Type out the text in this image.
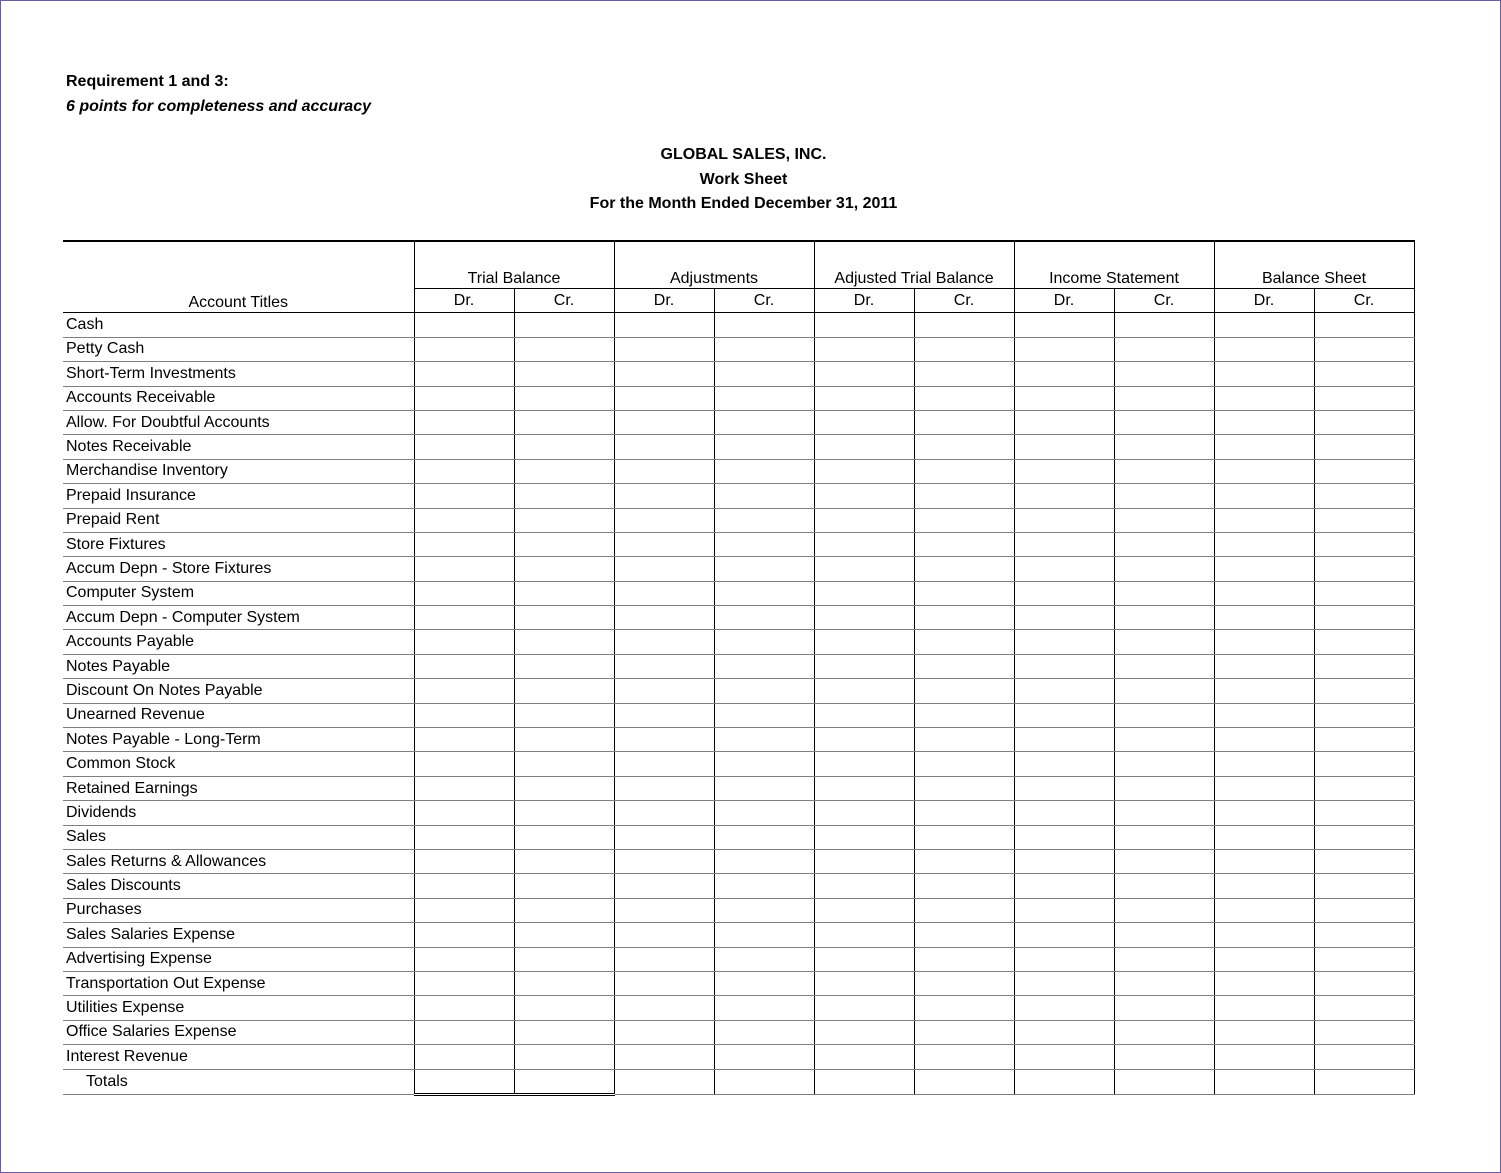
Requirement 1 and 3:
6 points for completeness and accuracy
GLOBAL SALES, INC.
Work Sheet
For the Month Ended December 31, 2011
Account Titles	Trial Balance		Adjustments		Adjusted Trial Balance		Income Statement		Balance Sheet	
	Dr.	Cr.	Dr.	Cr.	Dr.	Cr.	Dr.	Cr.	Dr.	Cr.
Cash										
Petty Cash										
Short-Term Investments										
Accounts Receivable										
Allow. For Doubtful Accounts										
Notes Receivable										
Merchandise Inventory										
Prepaid Insurance										
Prepaid Rent										
Store Fixtures										
Accum Depn - Store Fixtures										
Computer System										
Accum Depn - Computer System										
Accounts Payable										
Notes Payable										
Discount On Notes Payable										
Unearned Revenue										
Notes Payable - Long-Term										
Common Stock										
Retained Earnings										
Dividends										
Sales										
Sales Returns & Allowances										
Sales Discounts										
Purchases										
Sales Salaries Expense										
Advertising Expense										
Transportation Out Expense										
Utilities Expense										
Office Salaries Expense										
Interest Revenue										
Totals										
